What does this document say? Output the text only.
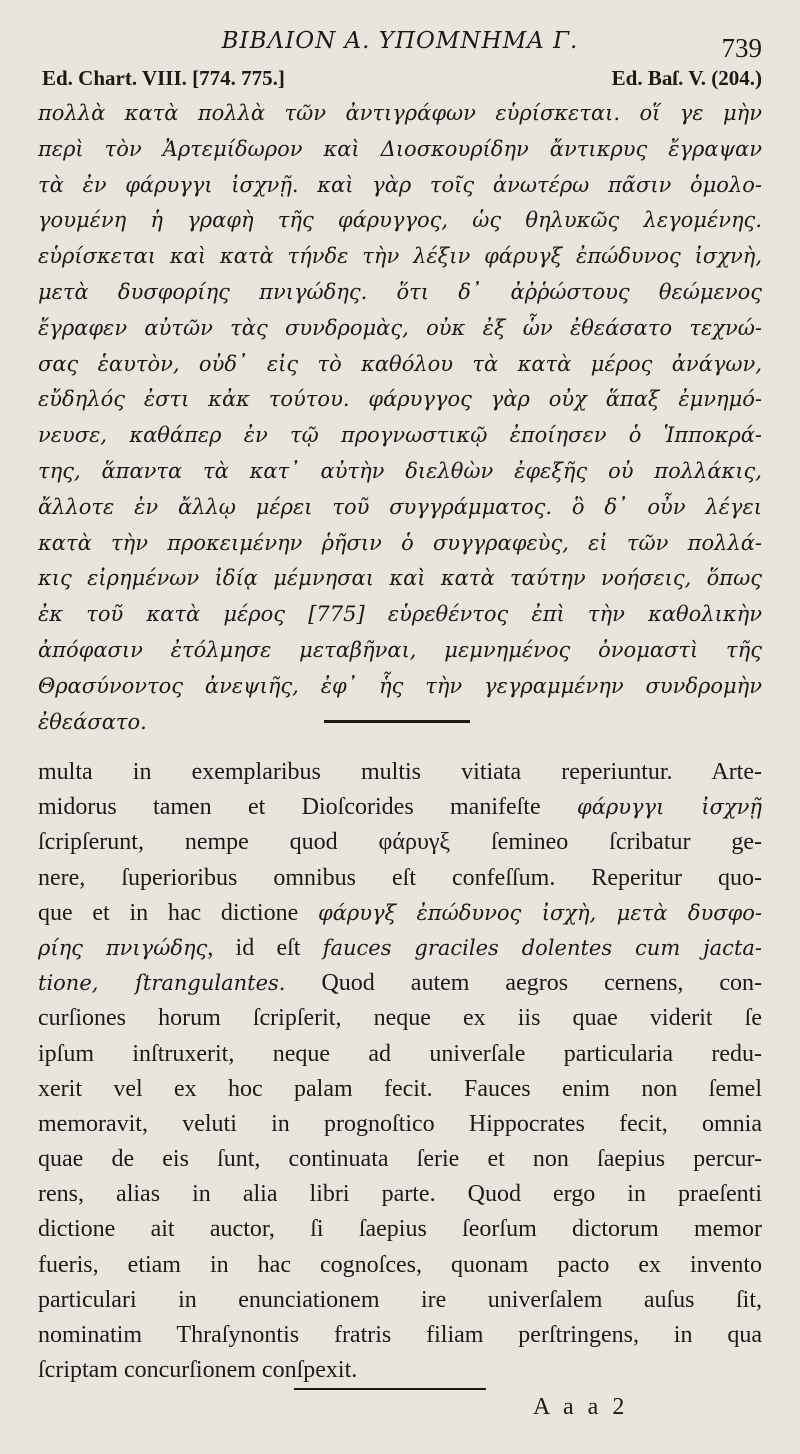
ΒΙΒΛΙΟΝ Α. ΥΠΟΜΝΗΜΑ Γ.	739
Ed. Chart. VIII. [774. 775.]	Ed. Baſ. V. (204.)
πολλὰ κατὰ πολλὰ τῶν ἀντιγράφων εὑρίσκεται. οἵ γε μὴν
περὶ τὸν Ἀρτεμίδωρον καὶ Διοσκουρίδην ἄντικρυς ἔγραψαν
τὰ ἐν φάρυγγι ἰσχνῇ. καὶ γὰρ τοῖς ἀνωτέρω πᾶσιν ὁμολο-
γουμένη ἡ γραφὴ τῆς φάρυγγος, ὡς θηλυκῶς λεγομένης.
εὑρίσκεται καὶ κατὰ τήνδε τὴν λέξιν φάρυγξ ἐπώδυνος ἰσχνὴ,
μετὰ δυσφορίης πνιγώδης. ὅτι δ᾽ ἀῤῥώστους θεώμενος
ἔγραφεν αὐτῶν τὰς συνδρομὰς, οὐκ ἐξ ὧν ἐθεάσατο τεχνώ-
σας ἑαυτὸν, οὐδ᾽ εἰς τὸ καθόλου τὰ κατὰ μέρος ἀνάγων,
εὔδηλός ἐστι κἀκ τούτου. φάρυγγος γὰρ οὐχ ἅπαξ ἐμνημό-
νευσε, καθάπερ ἐν τῷ προγνωστικῷ ἐποίησεν ὁ Ἱπποκρά-
της, ἅπαντα τὰ κατ᾽ αὐτὴν διελθὼν ἐφεξῆς οὐ πολλάκις,
ἄλλοτε ἐν ἄλλῳ μέρει τοῦ συγγράμματος. ὃ δ᾽ οὖν λέγει
κατὰ τὴν προκειμένην ῥῆσιν ὁ συγγραφεὺς, εἰ τῶν πολλά-
κις εἰρημένων ἰδίᾳ μέμνησαι καὶ κατὰ ταύτην νοήσεις, ὅπως
ἐκ τοῦ κατὰ μέρος [775] εὑρεθέντος ἐπὶ τὴν καθολικὴν
ἀπόφασιν ἐτόλμησε μεταβῆναι, μεμνημένος ὀνομαστὶ τῆς
Θρασύνοντος ἀνεψιῆς, ἐφ᾽ ἧς τὴν γεγραμμένην συνδρομὴν
ἐθεάσατο.
multa in exemplaribus multis vitiata reperiuntur. Arte-
midorus tamen et Dioſcorides manifeſte φάρυγγι ἰσχνῇ
ſcripſerunt, nempe quod φάρυγξ ſemineo ſcribatur ge-
nere, ſuperioribus omnibus eſt confeſſum. Reperitur quo-
que et in hac dictione φάρυγξ ἐπώδυνος ἰσχὴ, μετὰ δυσφο-
ρίης πνιγώδης, id eſt fauces graciles dolentes cum jacta-
tione, ſtrangulantes. Quod autem aegros cernens, con-
curſiones horum ſcripſerit, neque ex iis quae viderit ſe
ipſum inſtruxerit, neque ad univerſale particularia redu-
xerit vel ex hoc palam fecit. Fauces enim non ſemel
memoravit, veluti in prognoſtico Hippocrates fecit, omnia
quae de eis ſunt, continuata ſerie et non ſaepius percur-
rens, alias in alia libri parte. Quod ergo in praeſenti
dictione ait auctor, ſi ſaepius ſeorſum dictorum memor
fueris, etiam in hac cognoſces, quonam pacto ex invento
particulari in enunciationem ire univerſalem auſus ſit,
nominatim Thraſynontis fratris filiam perſtringens, in qua
ſcriptam concurſionem conſpexit.
A a a 2
